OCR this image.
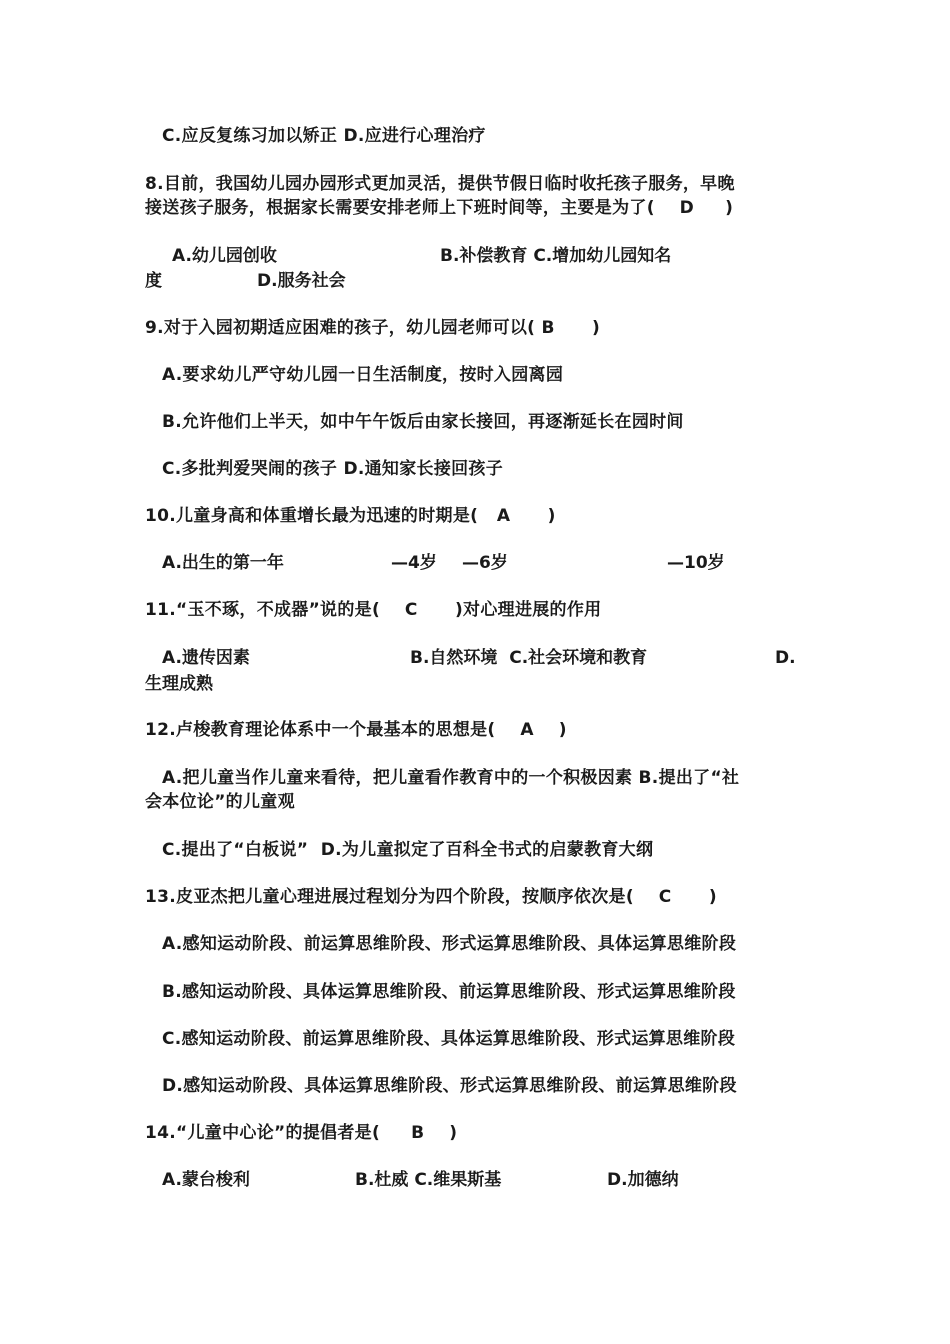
C.应反复练习加以矫正 D.应进行心理治疗
8.目前，我国幼儿园办园形式更加灵活，提供节假日临时收托孩子服务，早晚
接送孩子服务，根据家长需要安排老师上下班时间等，主要是为了(    D     )
A.幼儿园创收	B.补偿教育 C.增加幼儿园知名
度	D.服务社会
9.对于入园初期适应困难的孩子，幼儿园老师可以( B      )
A.要求幼儿严守幼儿园一日生活制度，按时入园离园
B.允许他们上半天，如中午午饭后由家长接回，再逐渐延长在园时间
C.多批判爱哭闹的孩子 D.通知家长接回孩子
10.儿童身高和体重增长最为迅速的时期是(   A      )
A.出生的第一年	—4岁 —6岁	—10岁
11.“玉不琢，不成器”说的是(    C      )对心理进展的作用
A.遗传因素	B.自然环境  C.社会环境和教育	D.
生理成熟
12.卢梭教育理论体系中一个最基本的思想是(    A    )
A.把儿童当作儿童来看待，把儿童看作教育中的一个积极因素 B.提出了“社
会本位论”的儿童观
C.提出了“白板说”  D.为儿童拟定了百科全书式的启蒙教育大纲
13.皮亚杰把儿童心理进展过程划分为四个阶段，按顺序依次是(    C      )
A.感知运动阶段、前运算思维阶段、形式运算思维阶段、具体运算思维阶段
B.感知运动阶段、具体运算思维阶段、前运算思维阶段、形式运算思维阶段
C.感知运动阶段、前运算思维阶段、具体运算思维阶段、形式运算思维阶段
D.感知运动阶段、具体运算思维阶段、形式运算思维阶段、前运算思维阶段
14.“儿童中心论”的提倡者是(     B    )
A.蒙台梭利	B.杜威 C.维果斯基	D.加德纳
